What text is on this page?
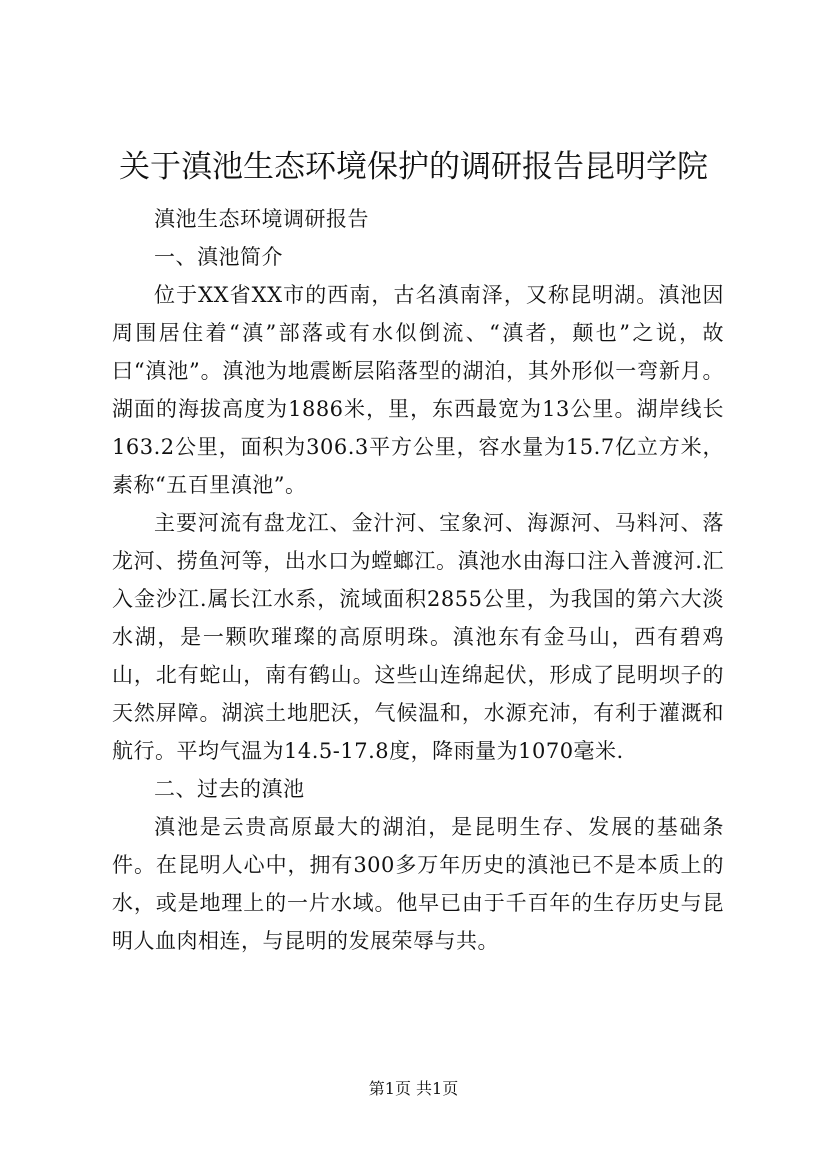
关于滇池生态环境保护的调研报告昆明学院

滇池生态环境调研报告

一、滇池简介

位于XX省XX市的西南，古名滇南泽，又称昆明湖。滇池因周围居住着“滇”部落或有水似倒流、“滇者，颠也”之说，故曰“滇池”。滇池为地震断层陷落型的湖泊，其外形似一弯新月。湖面的海拔高度为1886米，里，东西最宽为13公里。湖岸线长163.2公里，面积为306.3平方公里，容水量为15.7亿立方米，素称“五百里滇池”。

主要河流有盘龙江、金汁河、宝象河、海源河、马料河、落龙河、捞鱼河等，出水口为螳螂江。滇池水由海口注入普渡河.汇入金沙江.属长江水系，流域面积2855公里，为我国的第六大淡水湖，是一颗吹璀璨的高原明珠。滇池东有金马山，西有碧鸡山，北有蛇山，南有鹤山。这些山连绵起伏，形成了昆明坝子的天然屏障。湖滨土地肥沃，气候温和，水源充沛，有利于灌溉和航行。平均气温为14.5-17.8度，降雨量为1070毫米.

二、过去的滇池

滇池是云贵高原最大的湖泊，是昆明生存、发展的基础条件。在昆明人心中，拥有300多万年历史的滇池已不是本质上的水，或是地理上的一片水域。他早已由于千百年的生存历史与昆明人血肉相连，与昆明的发展荣辱与共。

第1页 共1页
